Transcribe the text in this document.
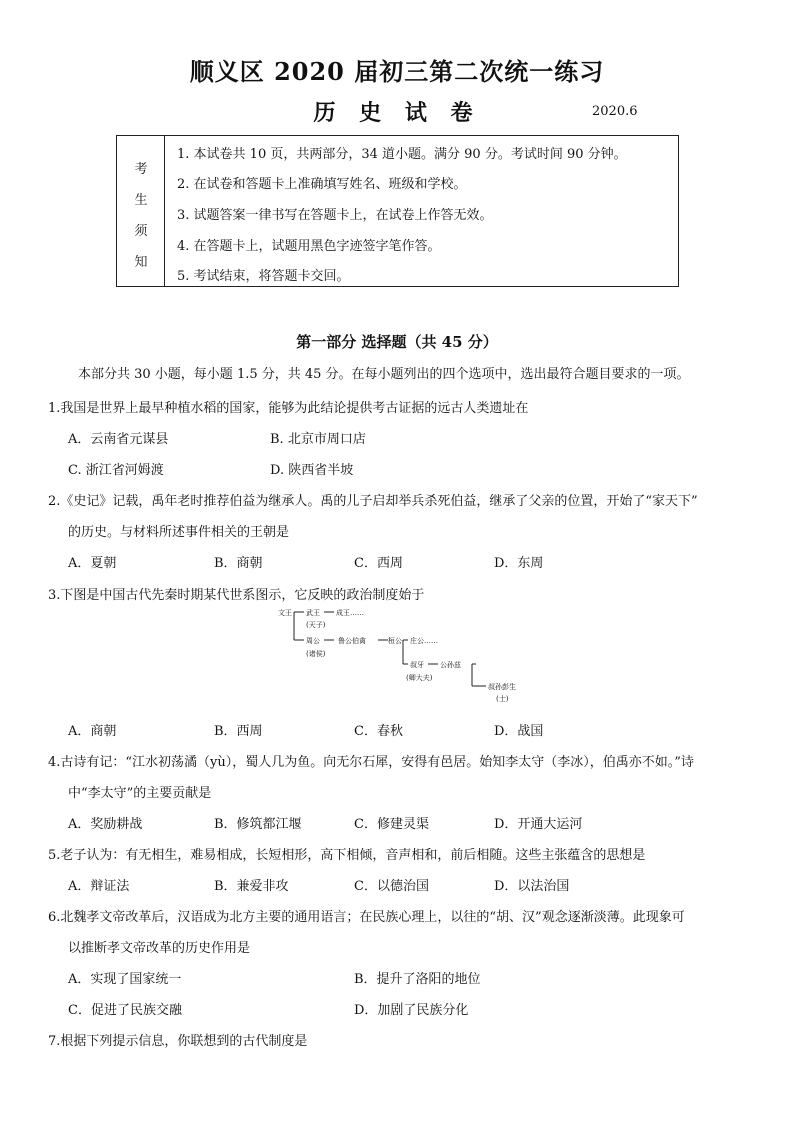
顺义区 2020 届初三第二次统一练习
历 史 试 卷	2020.6
考
生
须
知
1. 本试卷共 10 页，共两部分，34 道小题。满分 90 分。考试时间 90 分钟。
2. 在试卷和答题卡上准确填写姓名、班级和学校。
3. 试题答案一律书写在答题卡上，在试卷上作答无效。
4. 在答题卡上，试题用黑色字迹签字笔作答。
5. 考试结束，将答题卡交回。
第一部分 选择题（共 45 分）
本部分共 30 小题，每小题 1.5 分，共 45 分。在每小题列出的四个选项中，选出最符合题目要求的一项。
1.我国是世界上最早种植水稻的国家，能够为此结论提供考古证据的远古人类遗址在
A．云南省元谋县	B. 北京市周口店
C. 浙江省河姆渡	D. 陕西省半坡
2.《史记》记载，禹年老时推荐伯益为继承人。禹的儿子启却举兵杀死伯益，继承了父亲的位置，开始了“家天下”
的历史。与材料所述事件相关的王朝是
A．夏朝	B．商朝	C．西周	D．东周
3.下图是中国古代先秦时期某代世系图示，它反映的政治制度始于
文王 武王 成王……
(天子)
周公	鲁公伯禽	桓公 庄公……
(诸侯)
叔牙 公孙兹
(卿大夫)
叔孙彭生
(士)
A．商朝	B．西周	C．春秋	D．战国
4.古诗有记：“江水初荡潏（yù），蜀人几为鱼。向无尔石犀，安得有邑居。始知李太守（李冰），伯禹亦不如。”诗
中“李太守”的主要贡献是
A．奖励耕战	B．修筑都江堰	C．修建灵渠	D．开通大运河
5.老子认为：有无相生，难易相成，长短相形，高下相倾，音声相和，前后相随。这些主张蕴含的思想是
A．辩证法	B．兼爱非攻	C．以德治国	D．以法治国
6.北魏孝文帝改革后，汉语成为北方主要的通用语言；在民族心理上，以往的“胡、汉”观念逐渐淡薄。此现象可
以推断孝文帝改革的历史作用是
A．实现了国家统一	B．提升了洛阳的地位
C．促进了民族交融	D．加剧了民族分化
7.根据下列提示信息，你联想到的古代制度是
